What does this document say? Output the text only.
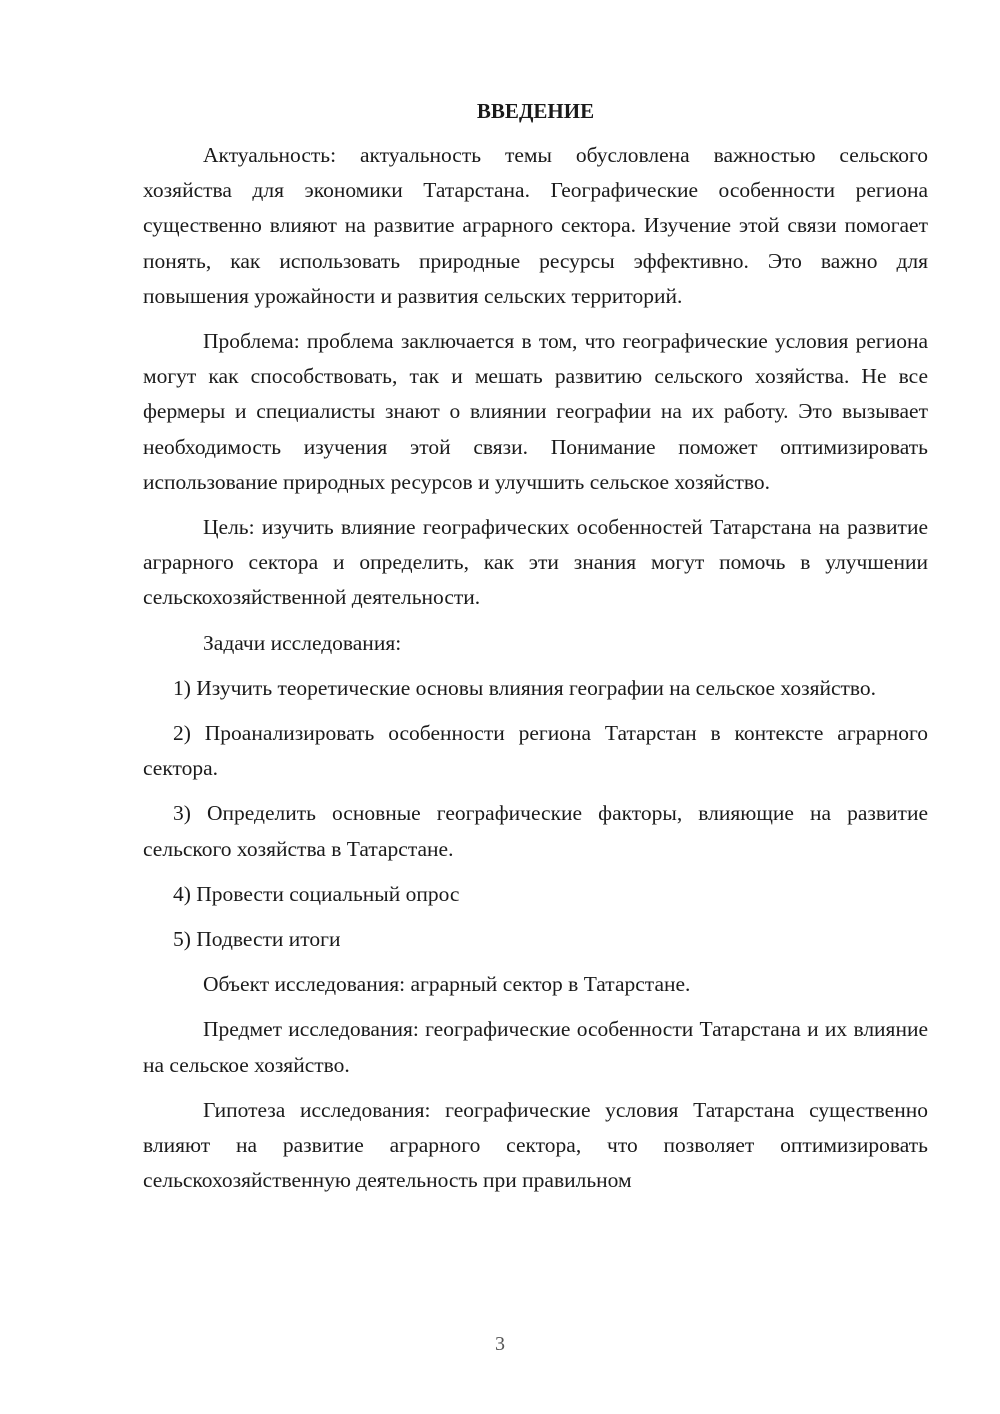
ВВЕДЕНИЕ

Актуальность: актуальность темы обусловлена важностью сельского хозяйства для экономики Татарстана. Географические особенности региона существенно влияют на развитие аграрного сектора. Изучение этой связи помогает понять, как использовать природные ресурсы эффективно. Это важно для повышения урожайности и развития сельских территорий.

Проблема: проблема заключается в том, что географические условия региона могут как способствовать, так и мешать развитию сельского хозяйства. Не все фермеры и специалисты знают о влиянии географии на их работу. Это вызывает необходимость изучения этой связи. Понимание поможет оптимизировать использование природных ресурсов и улучшить сельское хозяйство.

Цель: изучить влияние географических особенностей Татарстана на развитие аграрного сектора и определить, как эти знания могут помочь в улучшении сельскохозяйственной деятельности.

Задачи исследования:

1) Изучить теоретические основы влияния географии на сельское хозяйство.

2) Проанализировать особенности региона Татарстан в контексте аграрного сектора.

3) Определить основные географические факторы, влияющие на развитие сельского хозяйства в Татарстане.

4) Провести социальный опрос

5) Подвести итоги

Объект исследования: аграрный сектор в Татарстане.

Предмет исследования: географические особенности Татарстана и их влияние на сельское хозяйство.

Гипотеза исследования: географические условия Татарстана существенно влияют на развитие аграрного сектора, что позволяет оптимизировать сельскохозяйственную деятельность при правильном

3
